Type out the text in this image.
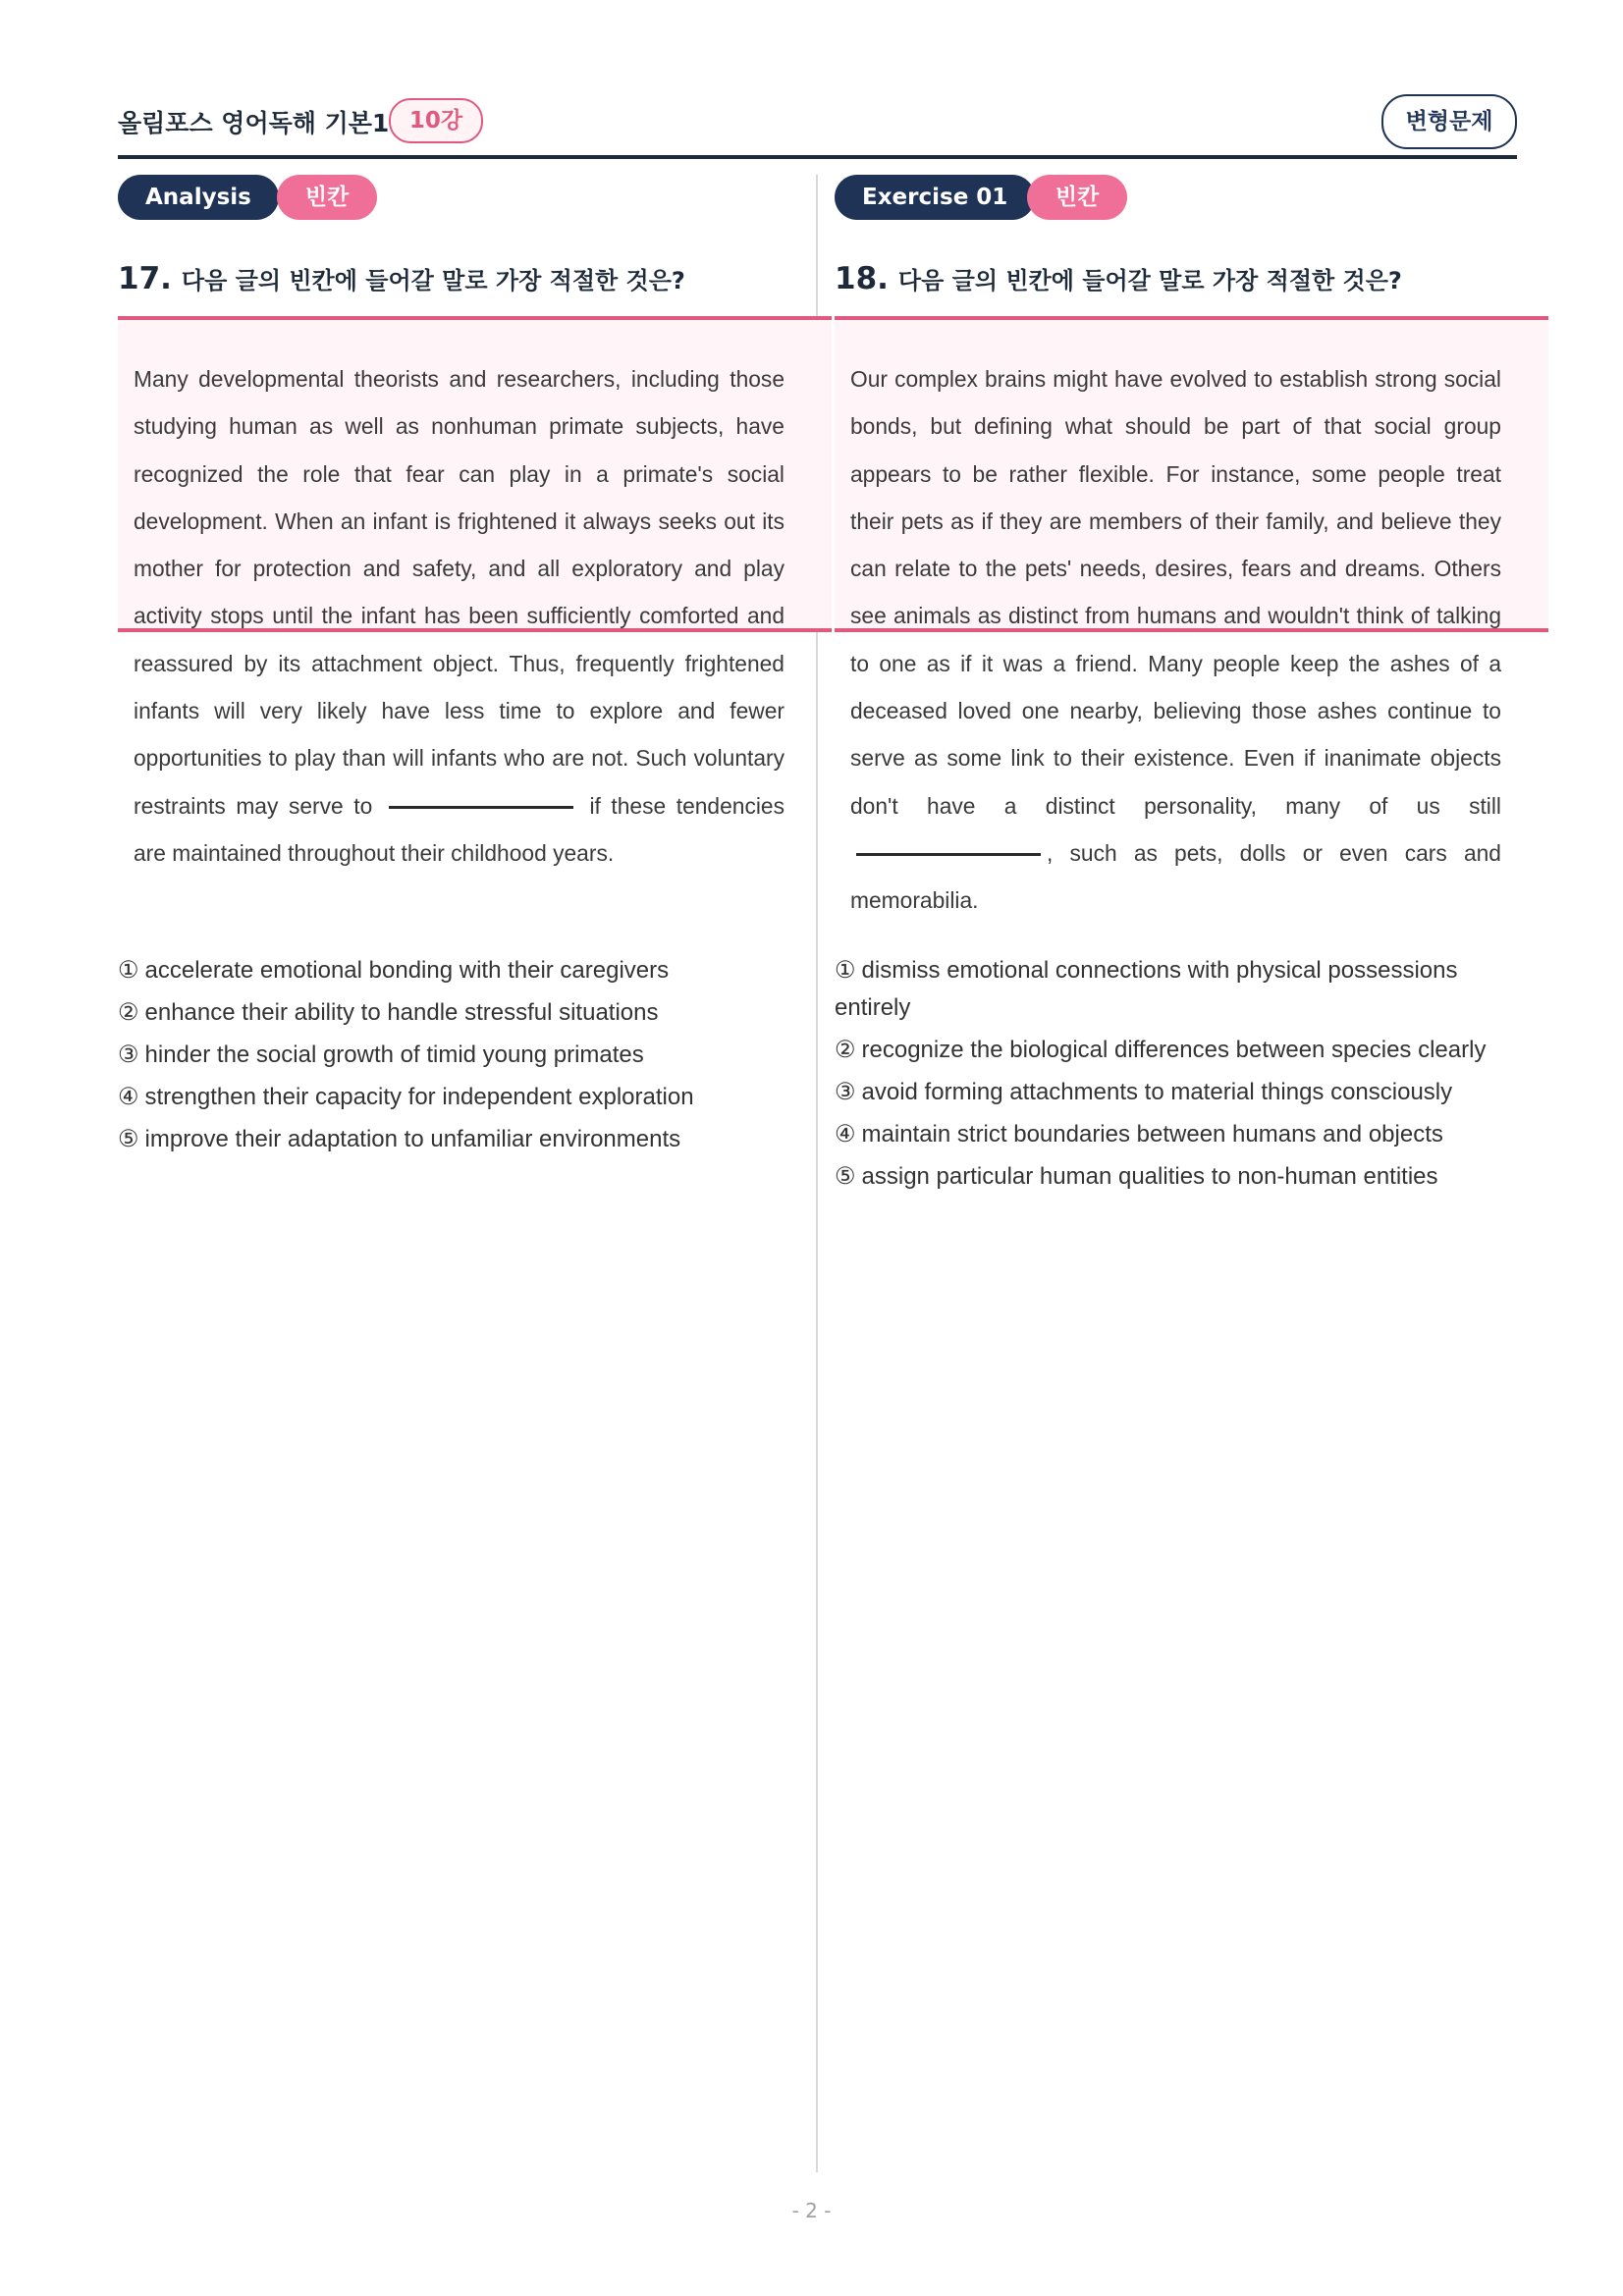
올림포스 영어독해 기본1 10강	변형문제
Analysis	빈칸
17. 다음 글의 빈칸에 들어갈 말로 가장 적절한 것은?

Many developmental theorists and researchers, including those studying human as well as nonhuman primate subjects, have recognized the role that fear can play in a primate's social development. When an infant is frightened it always seeks out its mother for protection and safety, and all exploratory and play activity stops until the infant has been sufficiently comforted and reassured by its attachment object. Thus, frequently frightened infants will very likely have less time to explore and fewer opportunities to play than will infants who are not. Such voluntary restraints may serve to	if these tendencies are maintained throughout their childhood years.

① accelerate emotional bonding with their caregivers
② enhance their ability to handle stressful situations
③ hinder the social growth of timid young primates
④ strengthen their capacity for independent exploration
⑤ improve their adaptation to unfamiliar environments
Exercise 01	빈칸
18. 다음 글의 빈칸에 들어갈 말로 가장 적절한 것은?

Our complex brains might have evolved to establish strong social bonds, but defining what should be part of that social group appears to be rather flexible. For instance, some people treat their pets as if they are members of their family, and believe they can relate to the pets' needs, desires, fears and dreams. Others see animals as distinct from humans and wouldn't think of talking to one as if it was a friend. Many people keep the ashes of a deceased loved one nearby, believing those ashes continue to serve as some link to their existence. Even if inanimate objects don't have a distinct personality, many of us still , such as pets, dolls or even cars and memorabilia.

① dismiss emotional connections with physical possessions entirely
② recognize the biological differences between species clearly
③ avoid forming attachments to material things consciously
④ maintain strict boundaries between humans and objects
⑤ assign particular human qualities to non-human entities
- 2 -
